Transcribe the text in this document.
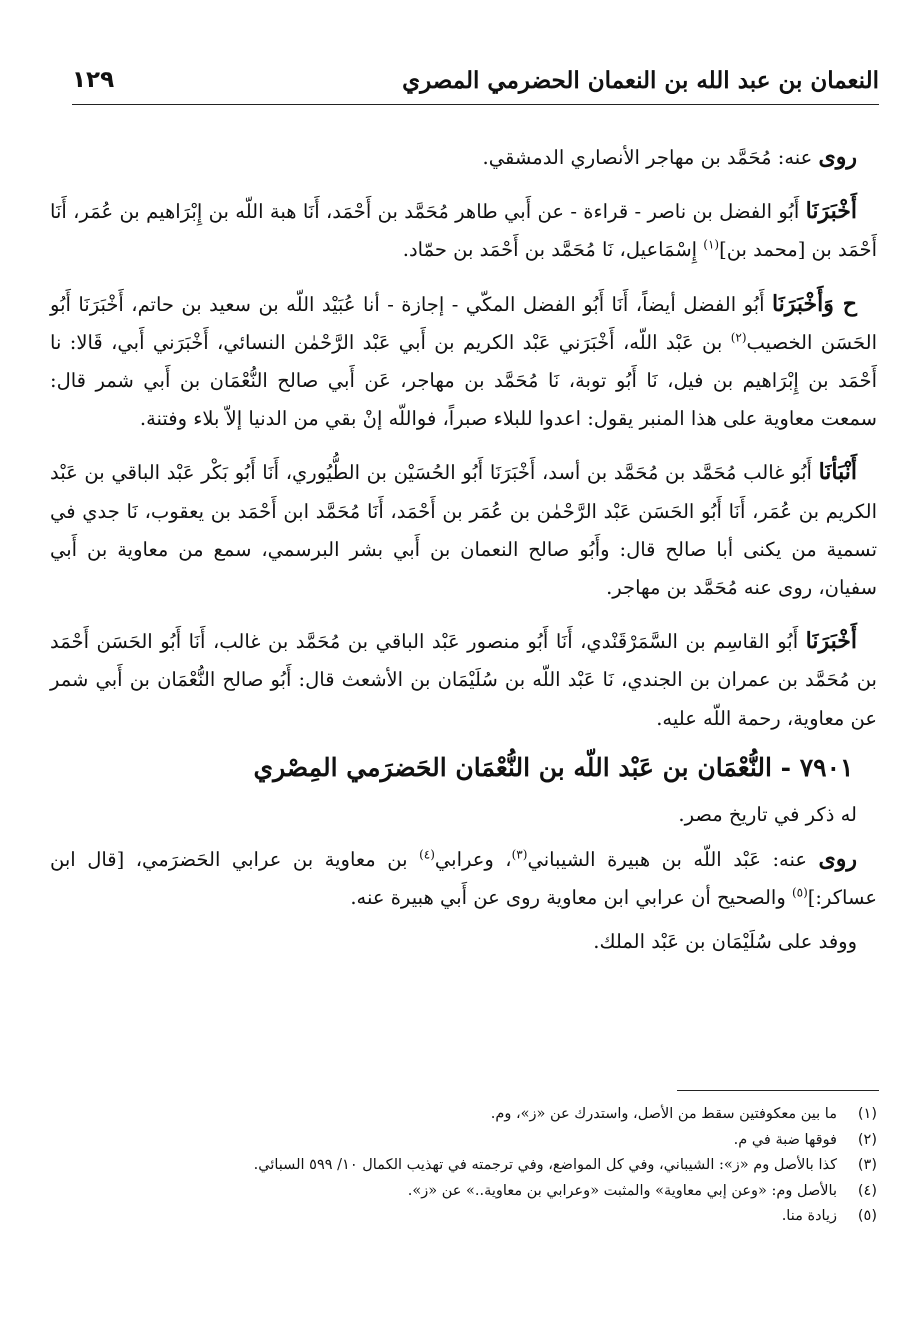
النعمان بن عبد الله بن النعمان الحضرمي المصري
١٢٩

روى عنه: مُحَمَّد بن مهاجر الأنصاري الدمشقي.

أَخْبَرَنَا أَبُو الفضل بن ناصر - قراءة - عن أَبي طاهر مُحَمَّد بن أَحْمَد، أَنَا هبة اللّه بن إِبْرَاهيم بن عُمَر، أَنَا أَحْمَد بن [محمد بن]$^{(١)}$ إِسْمَاعيل، نَا مُحَمَّد بن أَحْمَد بن حمّاد.

ح وَأَخْبَرَنَا أَبُو الفضل أيضاً، أَنَا أَبُو الفضل المكّي - إجازة - أنا عُبَيْد اللّه بن سعيد بن حاتم، أَخْبَرَنَا أَبُو الحَسَن الخصيب$^{(٢)}$ بن عَبْد اللّه، أَخْبَرَني عَبْد الكريم بن أَبي عَبْد الرَّحْمٰن النسائي، أَخْبَرَني أَبي، قَالا: نا أَحْمَد بن إِبْرَاهيم بن فيل، نَا أَبُو توبة، نَا مُحَمَّد بن مهاجر، عَن أَبي صالح النُّعْمَان بن أَبي شمر قال: سمعت معاوية على هذا المنبر يقول: اعدوا للبلاء صبراً، فواللّه إنْ بقي من الدنيا إلاّ بلاء وفتنة.

أَنْبَأنَا أَبُو غالب مُحَمَّد بن مُحَمَّد بن أسد، أَخْبَرَنَا أَبُو الحُسَيْن بن الطُّيُوري، أَنَا أَبُو بَكْر عَبْد الباقي بن عَبْد الكريم بن عُمَر، أَنَا أَبُو الحَسَن عَبْد الرَّحْمٰن بن عُمَر بن أَحْمَد، أَنَا مُحَمَّد ابن أَحْمَد بن يعقوب، نَا جدي في تسمية من يكنى أبا صالح قال: وأَبُو صالح النعمان بن أَبي بشر البرسمي، سمع من معاوية بن أَبي سفيان، روى عنه مُحَمَّد بن مهاجر.

أَخْبَرَنَا أَبُو القاسِم بن السَّمَرْقَنْدي، أَنَا أَبُو منصور عَبْد الباقي بن مُحَمَّد بن غالب، أَنَا أَبُو الحَسَن أَحْمَد بن مُحَمَّد بن عمران بن الجندي، نَا عَبْد اللّه بن سُلَيْمَان بن الأشعث قال: أَبُو صالح النُّعْمَان بن أَبي شمر عن معاوية، رحمة اللّه عليه.

٧٩٠١ - النُّعْمَان بن عَبْد اللّه بن النُّعْمَان الحَضرَمي المِصْري

له ذكر في تاريخ مصر.

روى عنه: عَبْد اللّه بن هبيرة الشيباني$^{(٣)}$، وعرابي$^{(٤)}$ بن معاوية بن عرابي الحَضرَمي، [قال ابن عساكر:]$^{(٥)}$ والصحيح أن عرابي ابن معاوية روى عن أَبي هبيرة عنه.

ووفد على سُلَيْمَان بن عَبْد الملك.

(١)
ما بين معكوفتين سقط من الأصل، واستدرك عن «ز»، وم.
(٢)
فوقها ضبة في م.
(٣)
كذا بالأصل وم «ز»: الشيباني، وفي كل المواضع، وفي ترجمته في تهذيب الكمال ١٠/ ٥٩٩ السبائي.
(٤)
بالأصل وم: «وعن إبي معاوية» والمثبت «وعرابي بن معاوية..» عن «ز».
(٥)
زيادة منا.
